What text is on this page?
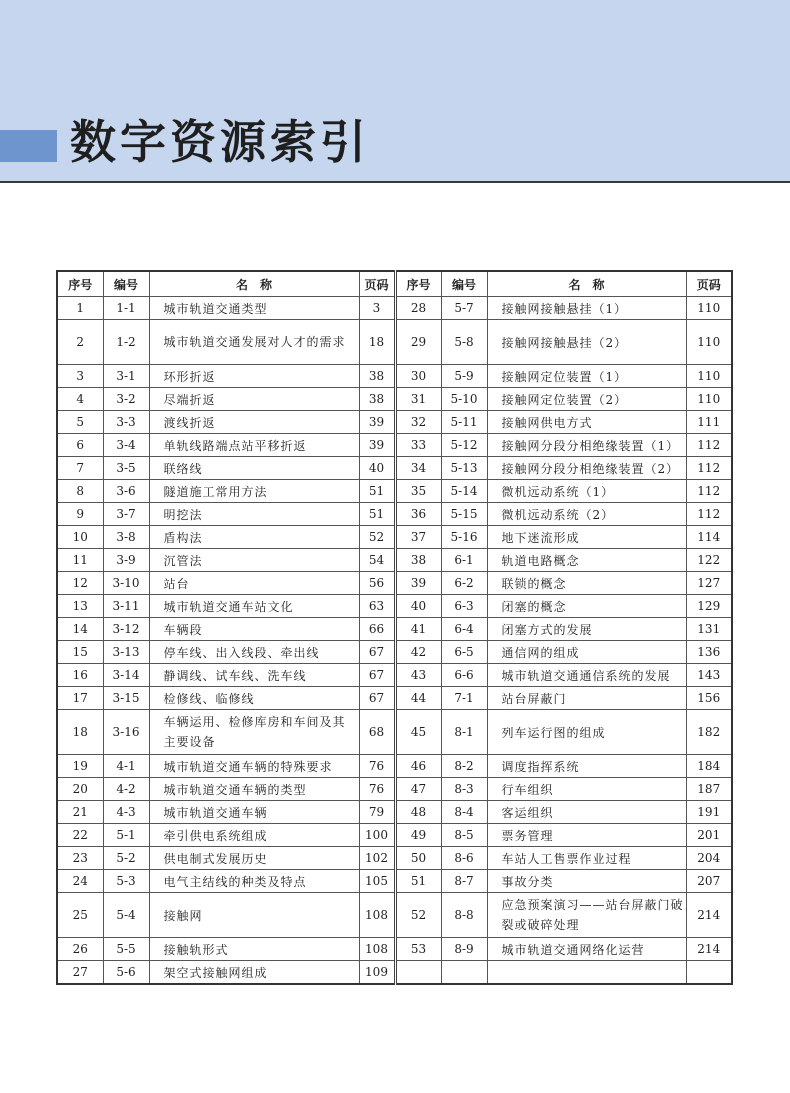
数字资源索引
序号	编号	名　称	页码	序号	编号	名　称	页码
1	1-1	城市轨道交通类型	3	28	5-7	接触网接触悬挂（1）	110
2	1-2	城市轨道交通发展对人才的需求	18	29	5-8	接触网接触悬挂（2）	110
3	3-1	环形折返	38	30	5-9	接触网定位装置（1）	110
4	3-2	尽端折返	38	31	5-10	接触网定位装置（2）	110
5	3-3	渡线折返	39	32	5-11	接触网供电方式	111
6	3-4	单轨线路端点站平移折返	39	33	5-12	接触网分段分相绝缘装置（1）	112
7	3-5	联络线	40	34	5-13	接触网分段分相绝缘装置（2）	112
8	3-6	隧道施工常用方法	51	35	5-14	微机远动系统（1）	112
9	3-7	明挖法	51	36	5-15	微机远动系统（2）	112
10	3-8	盾构法	52	37	5-16	地下迷流形成	114
11	3-9	沉管法	54	38	6-1	轨道电路概念	122
12	3-10	站台	56	39	6-2	联锁的概念	127
13	3-11	城市轨道交通车站文化	63	40	6-3	闭塞的概念	129
14	3-12	车辆段	66	41	6-4	闭塞方式的发展	131
15	3-13	停车线、出入线段、牵出线	67	42	6-5	通信网的组成	136
16	3-14	静调线、试车线、洗车线	67	43	6-6	城市轨道交通通信系统的发展	143
17	3-15	检修线、临修线	67	44	7-1	站台屏蔽门	156
18	3-16	车辆运用、检修库房和车间及其主要设备	68	45	8-1	列车运行图的组成	182
19	4-1	城市轨道交通车辆的特殊要求	76	46	8-2	调度指挥系统	184
20	4-2	城市轨道交通车辆的类型	76	47	8-3	行车组织	187
21	4-3	城市轨道交通车辆	79	48	8-4	客运组织	191
22	5-1	牵引供电系统组成	100	49	8-5	票务管理	201
23	5-2	供电制式发展历史	102	50	8-6	车站人工售票作业过程	204
24	5-3	电气主结线的种类及特点	105	51	8-7	事故分类	207
25	5-4	接触网	108	52	8-8	应急预案演习——站台屏蔽门破裂或破碎处理	214
26	5-5	接触轨形式	108	53	8-9	城市轨道交通网络化运营	214
27	5-6	架空式接触网组成	109				
